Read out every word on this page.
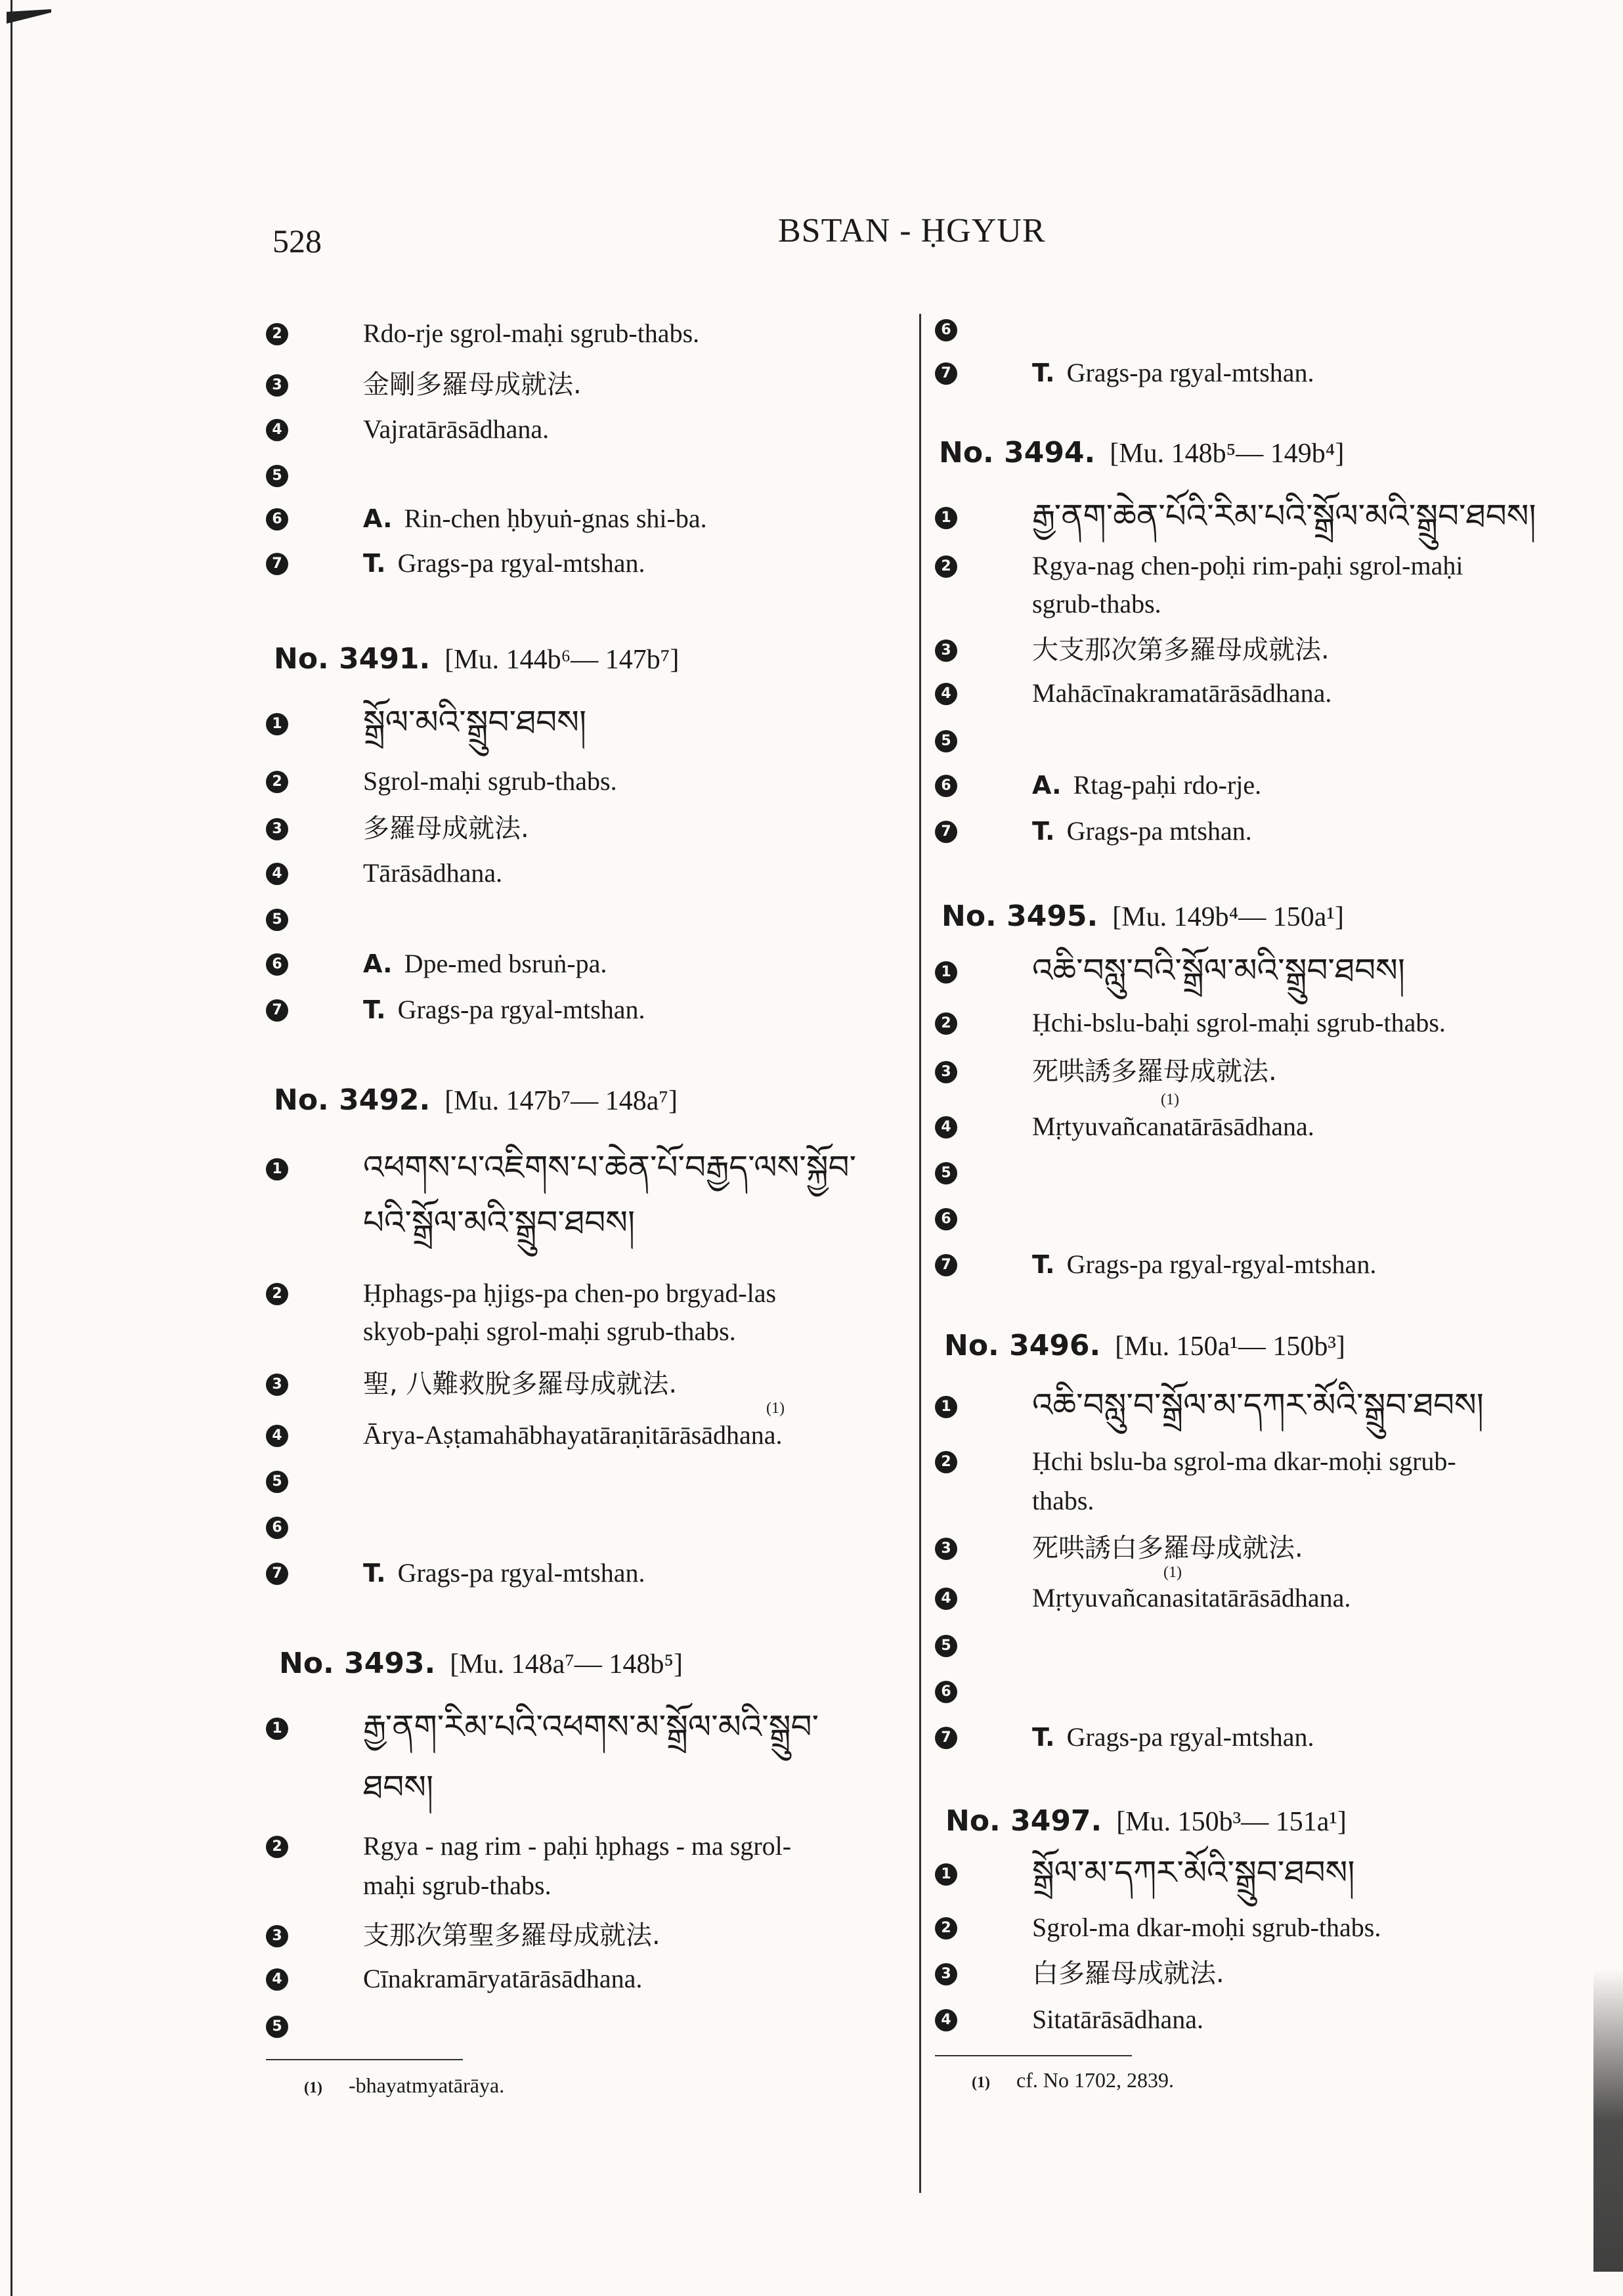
528	BSTAN - ḤGYUR
2	Rdo-rje sgrol-maḥi sgrub-thabs.
3	金剛多羅母成就法.
4	Vajratārāsādhana.
5
6	A. Rin-chen ḥbyuṅ-gnas shi-ba.
7	T. Grags-pa rgyal-mtshan.
No. 3491. [Mu. 144b⁶— 147b⁷]
1 སྒྲོལ་མའི་སྒྲུབ་ཐབས།
2	Sgrol-maḥi sgrub-thabs.
3	多羅母成就法.
4	Tārāsādhana.
5
6	A. Dpe-med bsruṅ-pa.
7	T. Grags-pa rgyal-mtshan.
No. 3492. [Mu. 147b⁷— 148a⁷]
1 འཕགས་པ་འཇིགས་པ་ཆེན་པོ་བརྒྱད་ལས་སྐྱོབ་
པའི་སྒྲོལ་མའི་སྒྲུབ་ཐབས།
2	Ḥphags-pa ḥjigs-pa chen-po brgyad-las
skyob-paḥi sgrol-maḥi sgrub-thabs.
3	聖, 八難救脫多羅母成就法.
(1)
4	Ārya-Aṣṭamahābhayatāraṇitārāsādhana.
5
6
7	T. Grags-pa rgyal-mtshan.
No. 3493. [Mu. 148a⁷— 148b⁵]
1 རྒྱ་ནག་རིམ་པའི་འཕགས་མ་སྒྲོལ་མའི་སྒྲུབ་
ཐབས།
2	Rgya - nag rim - paḥi ḥphags - ma sgrol-
maḥi sgrub-thabs.
3	支那次第聖多羅母成就法.
4	Cīnakramāryatārāsādhana.
5
(1) -bhayatmyatārāya.
6
7	T. Grags-pa rgyal-mtshan.
No. 3494. [Mu. 148b⁵— 149b⁴]
1 རྒྱ་ནག་ཆེན་པོའི་རིམ་པའི་སྒྲོལ་མའི་སྒྲུབ་ཐབས།
2	Rgya-nag chen-poḥi rim-paḥi sgrol-maḥi
sgrub-thabs.
3	大支那次第多羅母成就法.
4	Mahācīnakramatārāsādhana.
5
6	A. Rtag-paḥi rdo-rje.
7	T. Grags-pa mtshan.
No. 3495. [Mu. 149b⁴— 150a¹]
1 འཆི་བསླུ་བའི་སྒྲོལ་མའི་སྒྲུབ་ཐབས།
2	Ḥchi-bslu-baḥi sgrol-maḥi sgrub-thabs.
3	死哄誘多羅母成就法.
(1)
4	Mṛtyuvañcanatārāsādhana.
5
6
7	T. Grags-pa rgyal-rgyal-mtshan.
No. 3496. [Mu. 150a¹— 150b³]
1 འཆི་བསླུ་བ་སྒྲོལ་མ་དཀར་མོའི་སྒྲུབ་ཐབས།
2	Ḥchi bslu-ba sgrol-ma dkar-moḥi sgrub-
thabs.
3	死哄誘白多羅母成就法.
(1)
4	Mṛtyuvañcanasitatārāsādhana.
5
6
7	T. Grags-pa rgyal-mtshan.
No. 3497. [Mu. 150b³— 151a¹]
1 སྒྲོལ་མ་དཀར་མོའི་སྒྲུབ་ཐབས།
2	Sgrol-ma dkar-moḥi sgrub-thabs.
3	白多羅母成就法.
4	Sitatārāsādhana.
(1) cf. No 1702, 2839.
